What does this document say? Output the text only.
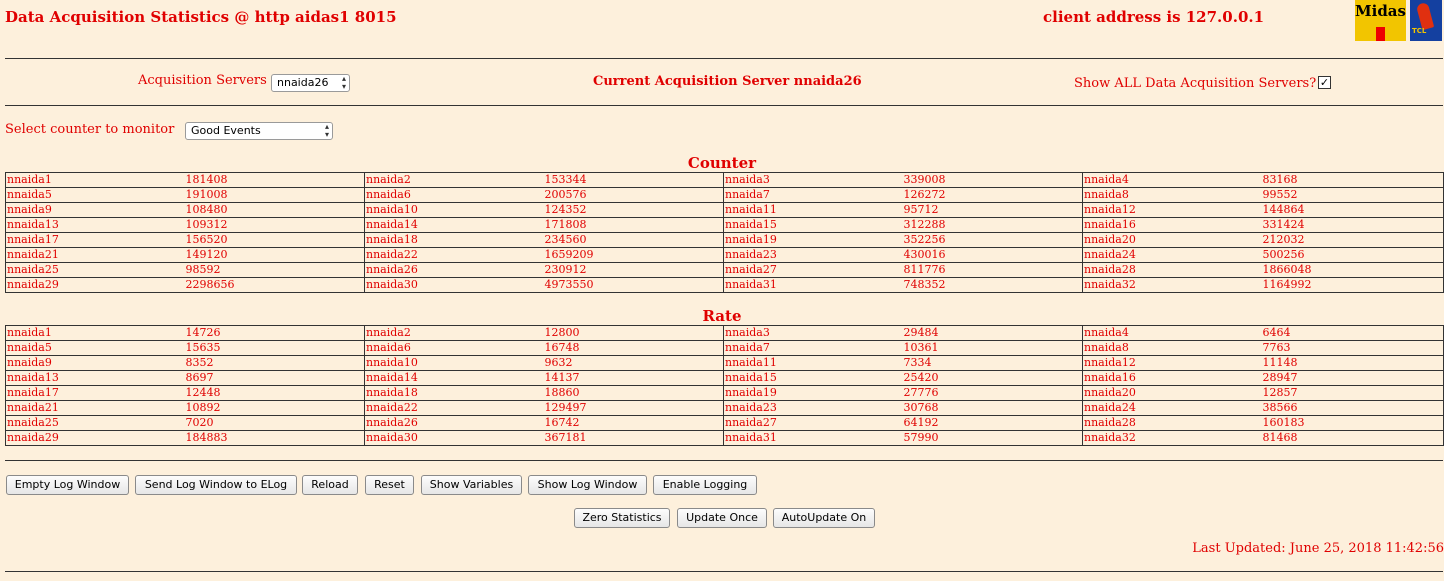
Data Acquisition Statistics @ http aidas1 8015	client address is 127.0.0.1	Midas

TCL
Acquisition Servers nnaida26 ▴
▾	Current Acquisition Server nnaida26	Show ALL Data Acquisition Servers? ✓
Select counter to monitor	Good Events	▴
▾
Counter
nnaida1	181408	nnaida2	153344	nnaida3	339008	nnaida4	83168
nnaida5	191008	nnaida6	200576	nnaida7	126272	nnaida8	99552
nnaida9	108480	nnaida10	124352	nnaida11	95712	nnaida12	144864
nnaida13	109312	nnaida14	171808	nnaida15	312288	nnaida16	331424
nnaida17	156520	nnaida18	234560	nnaida19	352256	nnaida20	212032
nnaida21	149120	nnaida22	1659209	nnaida23	430016	nnaida24	500256
nnaida25	98592	nnaida26	230912	nnaida27	811776	nnaida28	1866048
nnaida29	2298656	nnaida30	4973550	nnaida31	748352	nnaida32	1164992
Rate
nnaida1	14726	nnaida2	12800	nnaida3	29484	nnaida4	6464
nnaida5	15635	nnaida6	16748	nnaida7	10361	nnaida8	7763
nnaida9	8352	nnaida10	9632	nnaida11	7334	nnaida12	11148
nnaida13	8697	nnaida14	14137	nnaida15	25420	nnaida16	28947
nnaida17	12448	nnaida18	18860	nnaida19	27776	nnaida20	12857
nnaida21	10892	nnaida22	129497	nnaida23	30768	nnaida24	38566
nnaida25	7020	nnaida26	16742	nnaida27	64192	nnaida28	160183
nnaida29	184883	nnaida30	367181	nnaida31	57990	nnaida32	81468
Empty Log Window	Send Log Window to ELog	Reload	Reset	Show Variables	Show Log Window	Enable Logging
Zero Statistics	Update Once	AutoUpdate On
Last Updated: June 25, 2018 11:42:56
